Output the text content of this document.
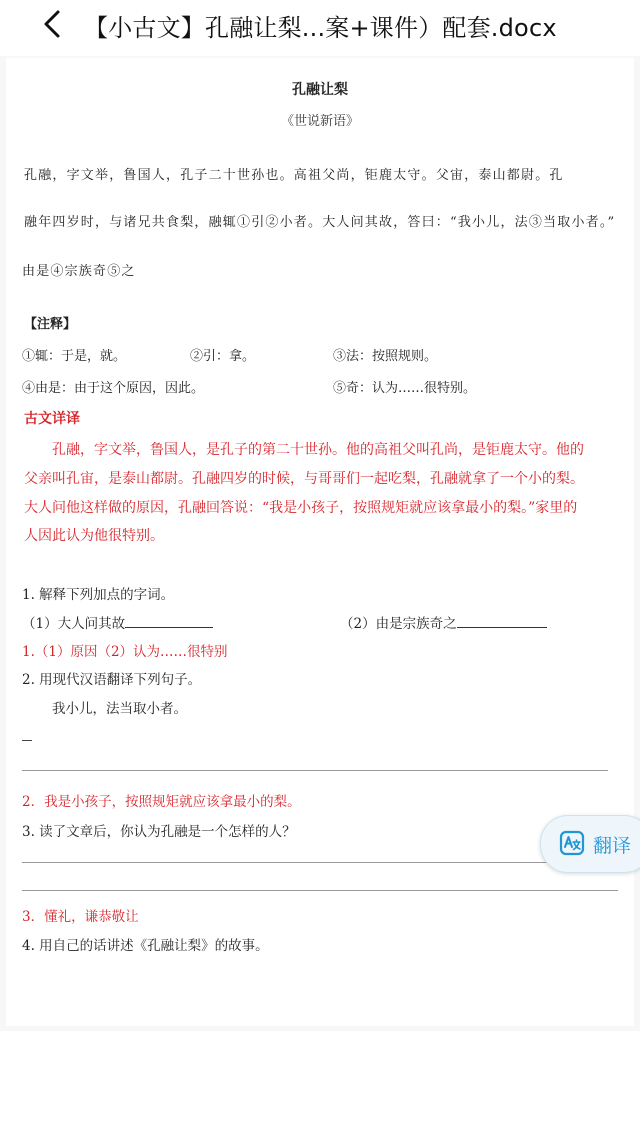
【小古文】孔融让梨...案+课件）配套.docx
孔融让梨
《世说新语》
孔融，字文举，鲁国人，孔子二十世孙也。高祖父尚，钜鹿太守。父宙，泰山都尉。孔
融年四岁时，与诸兄共食梨，融辄①引②小者。大人问其故，答曰：“我小儿，法③当取小者。”
由是④宗族奇⑤之
【注释】
①辄：于是，就。	②引：拿。	③法：按照规则。
④由是：由于这个原因，因此。	⑤奇：认为……很特别。
古文详译
孔融，字文举，鲁国人，是孔子的第二十世孙。他的高祖父叫孔尚，是钜鹿太守。他的
父亲叫孔宙，是泰山都尉。孔融四岁的时候，与哥哥们一起吃梨，孔融就拿了一个小的梨。
大人问他这样做的原因，孔融回答说：“我是小孩子，按照规矩就应该拿最小的梨。”家里的
人因此认为他很特别。
1. 解释下列加点的字词。
（1）大人问其故	（2）由是宗族奇之
1.（1）原因（2）认为……很特别
2. 用现代汉语翻译下列句子。
我小儿，法当取小者。
2．我是小孩子，按照规矩就应该拿最小的梨。
3. 读了文章后，你认为孔融是一个怎样的人？
3．懂礼，谦恭敬让
4. 用自己的话讲述《孔融让梨》的故事。
翻译
